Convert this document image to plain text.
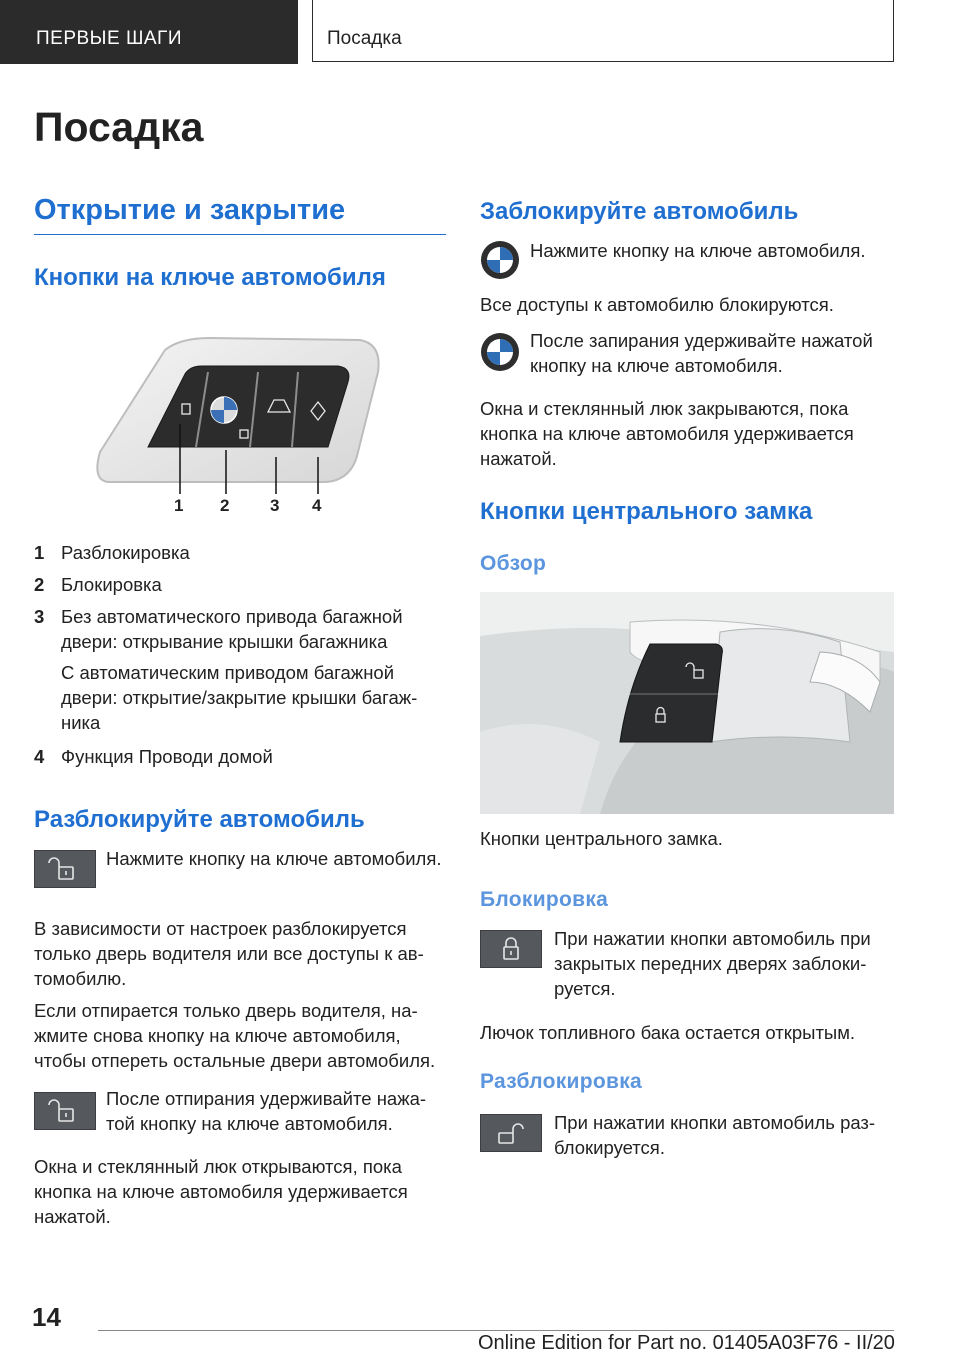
ПЕРВЫЕ ШАГИ	Посадка
Посадка
Открытие и закрытие
Кнопки на ключе автомобиля
1 2 3 4
1 Разблокировка
2 Блокировка
3 Без автоматического привода багажной двери: открывание крышки багажника
С автоматическим приводом багажной двери: открытие/закрытие крышки багаж-ника
4 Функция Проводи домой
Разблокируйте автомобиль
Нажмите кнопку на ключе автомобиля.
В зависимости от настроек разблокируется только дверь водителя или все доступы к ав-томобилю.
Если отпирается только дверь водителя, на-жмите снова кнопку на ключе автомобиля, чтобы отпереть остальные двери автомобиля.
После отпирания удерживайте нажа-той кнопку на ключе автомобиля.
Окна и стеклянный люк открываются, пока кнопка на ключе автомобиля удерживается нажатой.
Заблокируйте автомобиль
Нажмите кнопку на ключе автомобиля.
Все доступы к автомобилю блокируются.
После запирания удерживайте нажатой кнопку на ключе автомобиля.
Окна и стеклянный люк закрываются, пока кнопка на ключе автомобиля удерживается нажатой.
Кнопки центрального замка
Обзор
Кнопки центрального замка.
Блокировка
При нажатии кнопки автомобиль при закрытых передних дверях заблоки-руется.
Лючок топливного бака остается открытым.
Разблокировка
При нажатии кнопки автомобиль раз-блокируется.
14
Online Edition for Part no. 01405A03F76 - II/20
